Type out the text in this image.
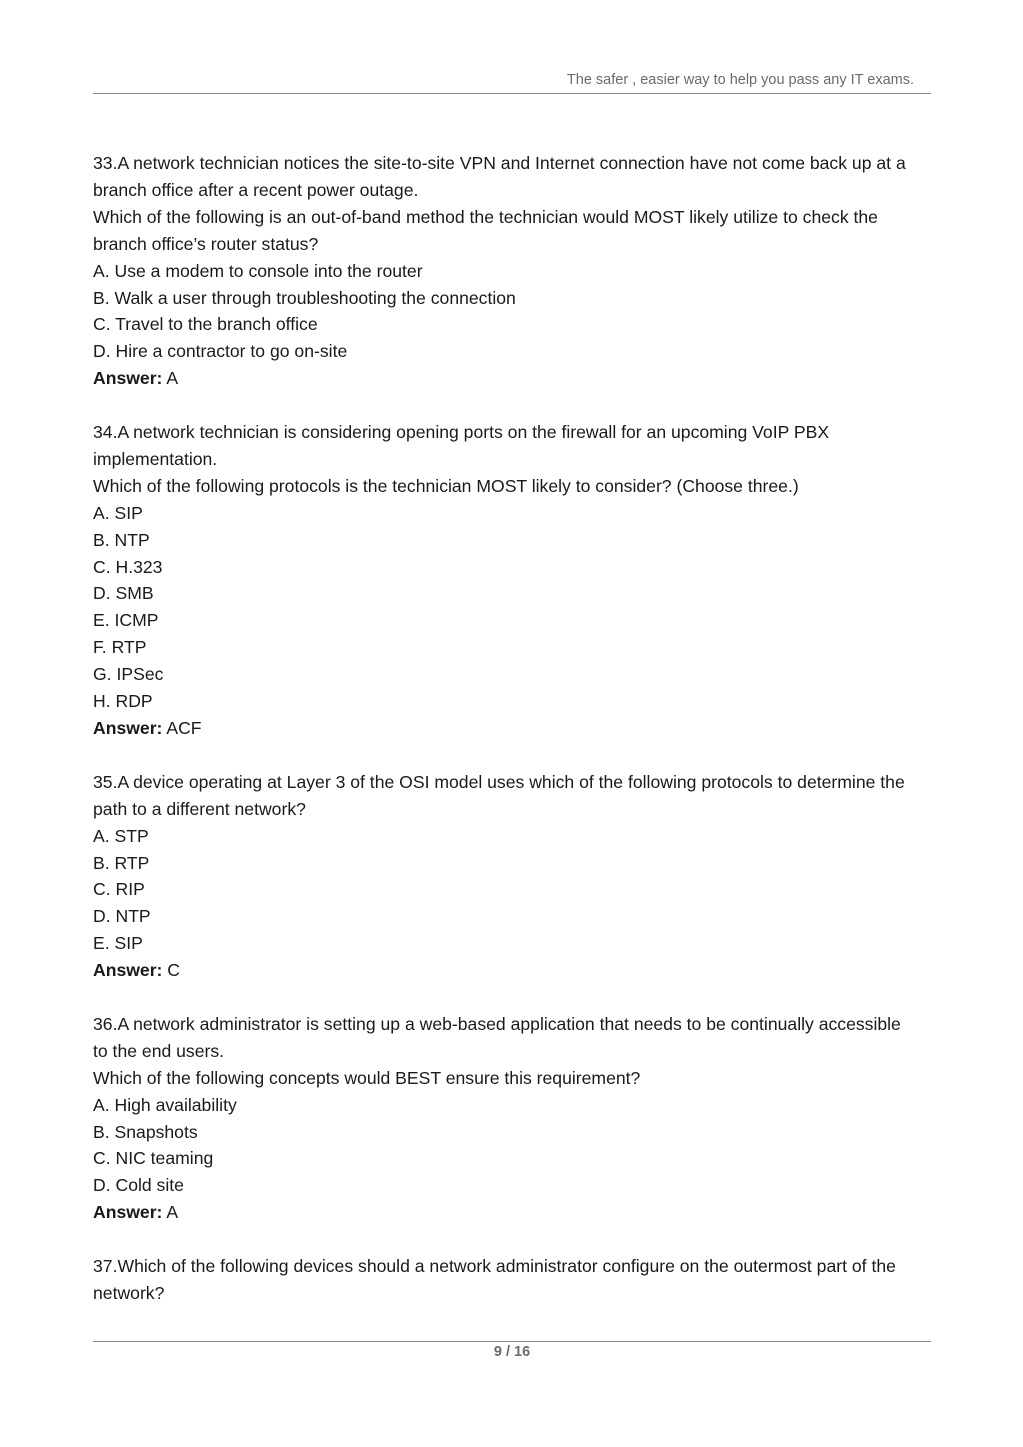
The safer , easier way to help you pass any IT exams.

33.A network technician notices the site-to-site VPN and Internet connection have not come back up at a

branch office after a recent power outage.

Which of the following is an out-of-band method the technician would MOST likely utilize to check the

branch office’s router status?

A. Use a modem to console into the router

B. Walk a user through troubleshooting the connection

C. Travel to the branch office

D. Hire a contractor to go on-site

Answer: A

34.A network technician is considering opening ports on the firewall for an upcoming VoIP PBX

implementation.

Which of the following protocols is the technician MOST likely to consider? (Choose three.)

A. SIP

B. NTP

C. H.323

D. SMB

E. ICMP

F. RTP

G. IPSec

H. RDP

Answer: ACF

35.A device operating at Layer 3 of the OSI model uses which of the following protocols to determine the

path to a different network?

A. STP

B. RTP

C. RIP

D. NTP

E. SIP

Answer: C

36.A network administrator is setting up a web-based application that needs to be continually accessible

to the end users.

Which of the following concepts would BEST ensure this requirement?

A. High availability

B. Snapshots

C. NIC teaming

D. Cold site

Answer: A

37.Which of the following devices should a network administrator configure on the outermost part of the

network?

9 / 16
